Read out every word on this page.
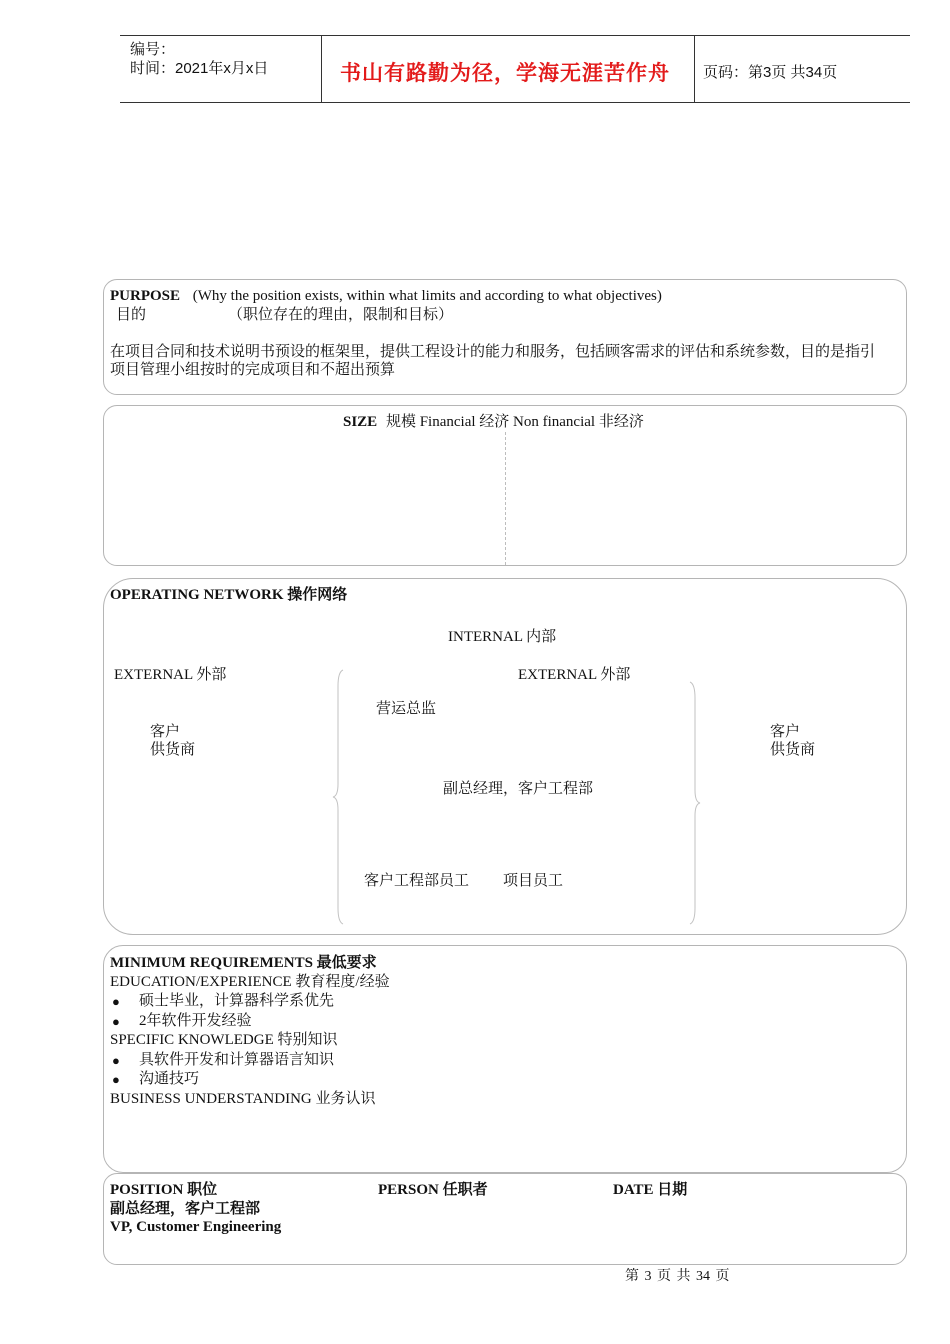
编号：
时间：2021年x月x日	书山有路勤为径，学海无涯苦作舟 页码：第3页 共34页
PURPOSE (Why the position exists, within what limits and according to what objectives)
目的	（职位存在的理由，限制和目标）
在项目合同和技术说明书预设的框架里，提供工程设计的能力和服务，包括顾客需求的评估和系统参数，目的是指引
项目管理小组按时的完成项目和不超出预算
SIZE 规模 Financial 经济 Non financial 非经济
OPERATING NETWORK 操作网络
INTERNAL 内部
EXTERNAL 外部	EXTERNAL 外部
客户
供货商
客户
供货商
营运总监
副总经理，客户工程部
客户工程部员工 项目员工
MINIMUM REQUIREMENTS 最低要求
EDUCATION/EXPERIENCE 教育程度/经验
● 硕士毕业，计算器科学系优先
● 2年软件开发经验
SPECIFIC KNOWLEDGE 特别知识
● 具软件开发和计算器语言知识
● 沟通技巧
BUSINESS UNDERSTANDING 业务认识
POSITION 职位	PERSON 任职者	DATE 日期
副总经理，客户工程部
VP, Customer Engineering
第 3 页 共 34 页
